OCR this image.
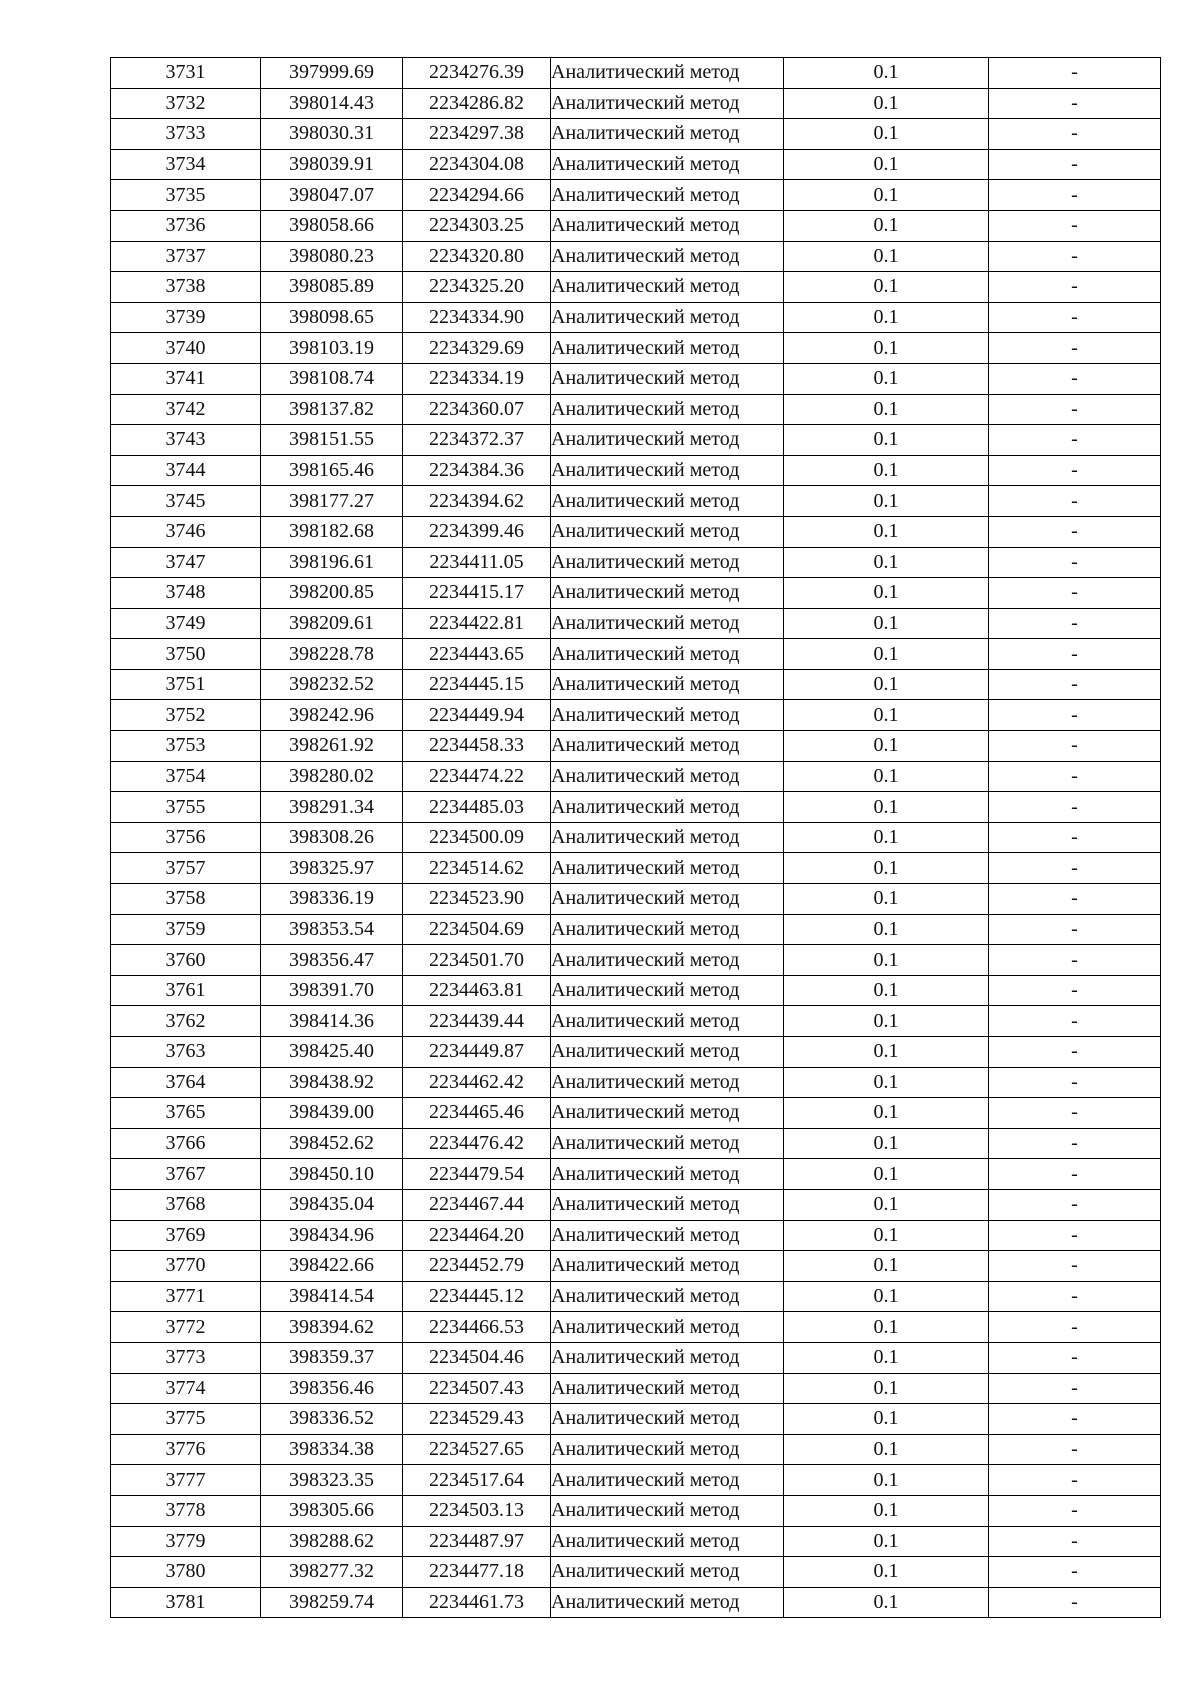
3731	397999.69	2234276.39	Аналитический метод	0.1	-
3732	398014.43	2234286.82	Аналитический метод	0.1	-
3733	398030.31	2234297.38	Аналитический метод	0.1	-
3734	398039.91	2234304.08	Аналитический метод	0.1	-
3735	398047.07	2234294.66	Аналитический метод	0.1	-
3736	398058.66	2234303.25	Аналитический метод	0.1	-
3737	398080.23	2234320.80	Аналитический метод	0.1	-
3738	398085.89	2234325.20	Аналитический метод	0.1	-
3739	398098.65	2234334.90	Аналитический метод	0.1	-
3740	398103.19	2234329.69	Аналитический метод	0.1	-
3741	398108.74	2234334.19	Аналитический метод	0.1	-
3742	398137.82	2234360.07	Аналитический метод	0.1	-
3743	398151.55	2234372.37	Аналитический метод	0.1	-
3744	398165.46	2234384.36	Аналитический метод	0.1	-
3745	398177.27	2234394.62	Аналитический метод	0.1	-
3746	398182.68	2234399.46	Аналитический метод	0.1	-
3747	398196.61	2234411.05	Аналитический метод	0.1	-
3748	398200.85	2234415.17	Аналитический метод	0.1	-
3749	398209.61	2234422.81	Аналитический метод	0.1	-
3750	398228.78	2234443.65	Аналитический метод	0.1	-
3751	398232.52	2234445.15	Аналитический метод	0.1	-
3752	398242.96	2234449.94	Аналитический метод	0.1	-
3753	398261.92	2234458.33	Аналитический метод	0.1	-
3754	398280.02	2234474.22	Аналитический метод	0.1	-
3755	398291.34	2234485.03	Аналитический метод	0.1	-
3756	398308.26	2234500.09	Аналитический метод	0.1	-
3757	398325.97	2234514.62	Аналитический метод	0.1	-
3758	398336.19	2234523.90	Аналитический метод	0.1	-
3759	398353.54	2234504.69	Аналитический метод	0.1	-
3760	398356.47	2234501.70	Аналитический метод	0.1	-
3761	398391.70	2234463.81	Аналитический метод	0.1	-
3762	398414.36	2234439.44	Аналитический метод	0.1	-
3763	398425.40	2234449.87	Аналитический метод	0.1	-
3764	398438.92	2234462.42	Аналитический метод	0.1	-
3765	398439.00	2234465.46	Аналитический метод	0.1	-
3766	398452.62	2234476.42	Аналитический метод	0.1	-
3767	398450.10	2234479.54	Аналитический метод	0.1	-
3768	398435.04	2234467.44	Аналитический метод	0.1	-
3769	398434.96	2234464.20	Аналитический метод	0.1	-
3770	398422.66	2234452.79	Аналитический метод	0.1	-
3771	398414.54	2234445.12	Аналитический метод	0.1	-
3772	398394.62	2234466.53	Аналитический метод	0.1	-
3773	398359.37	2234504.46	Аналитический метод	0.1	-
3774	398356.46	2234507.43	Аналитический метод	0.1	-
3775	398336.52	2234529.43	Аналитический метод	0.1	-
3776	398334.38	2234527.65	Аналитический метод	0.1	-
3777	398323.35	2234517.64	Аналитический метод	0.1	-
3778	398305.66	2234503.13	Аналитический метод	0.1	-
3779	398288.62	2234487.97	Аналитический метод	0.1	-
3780	398277.32	2234477.18	Аналитический метод	0.1	-
3781	398259.74	2234461.73	Аналитический метод	0.1	-
